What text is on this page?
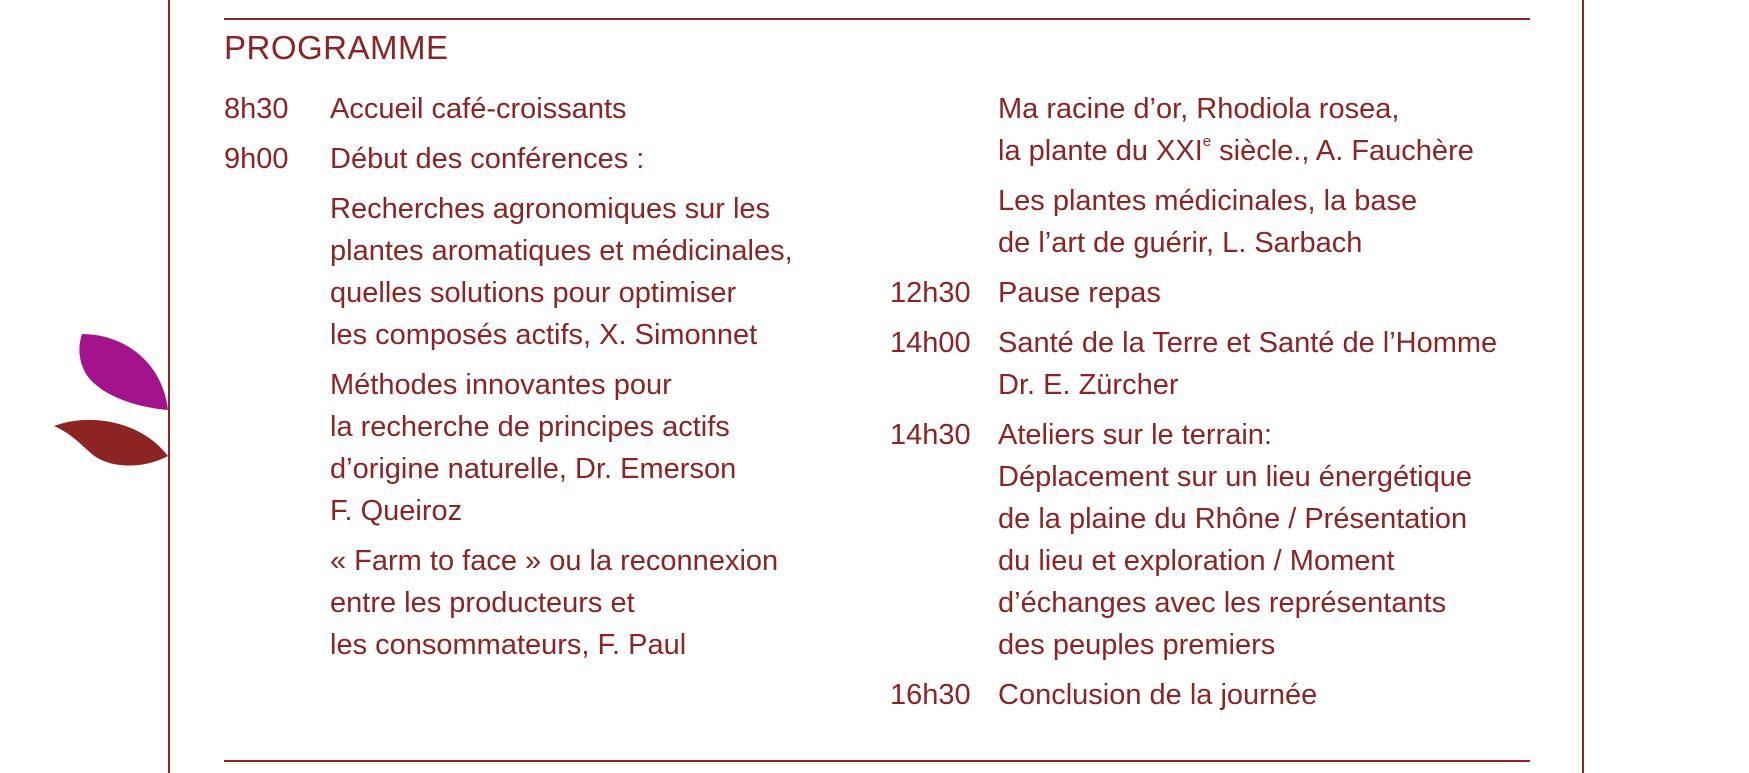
PROGRAMME
8h30	Accueil café-croissants
9h00	Début des conférences :
Recherches agronomiques sur les
plantes aromatiques et médicinales,
quelles solutions pour optimiser
les composés actifs, X. Simonnet
Méthodes innovantes pour
la recherche de principes actifs
d’origine naturelle, Dr. Emerson
F. Queiroz
« Farm to face » ou la reconnexion
entre les producteurs et
les consommateurs, F. Paul
Ma racine d’or, Rhodiola rosea,
la plante du XXIe siècle., A. Fauchère
Les plantes médicinales, la base
de l’art de guérir, L. Sarbach
12h30 Pause repas
14h00 Santé de la Terre et Santé de l’Homme
Dr. E. Zürcher
14h30 Ateliers sur le terrain:
Déplacement sur un lieu énergétique
de la plaine du Rhône / Présentation
du lieu et exploration / Moment
d’échanges avec les représentants
des peuples premiers
16h30 Conclusion de la journée
